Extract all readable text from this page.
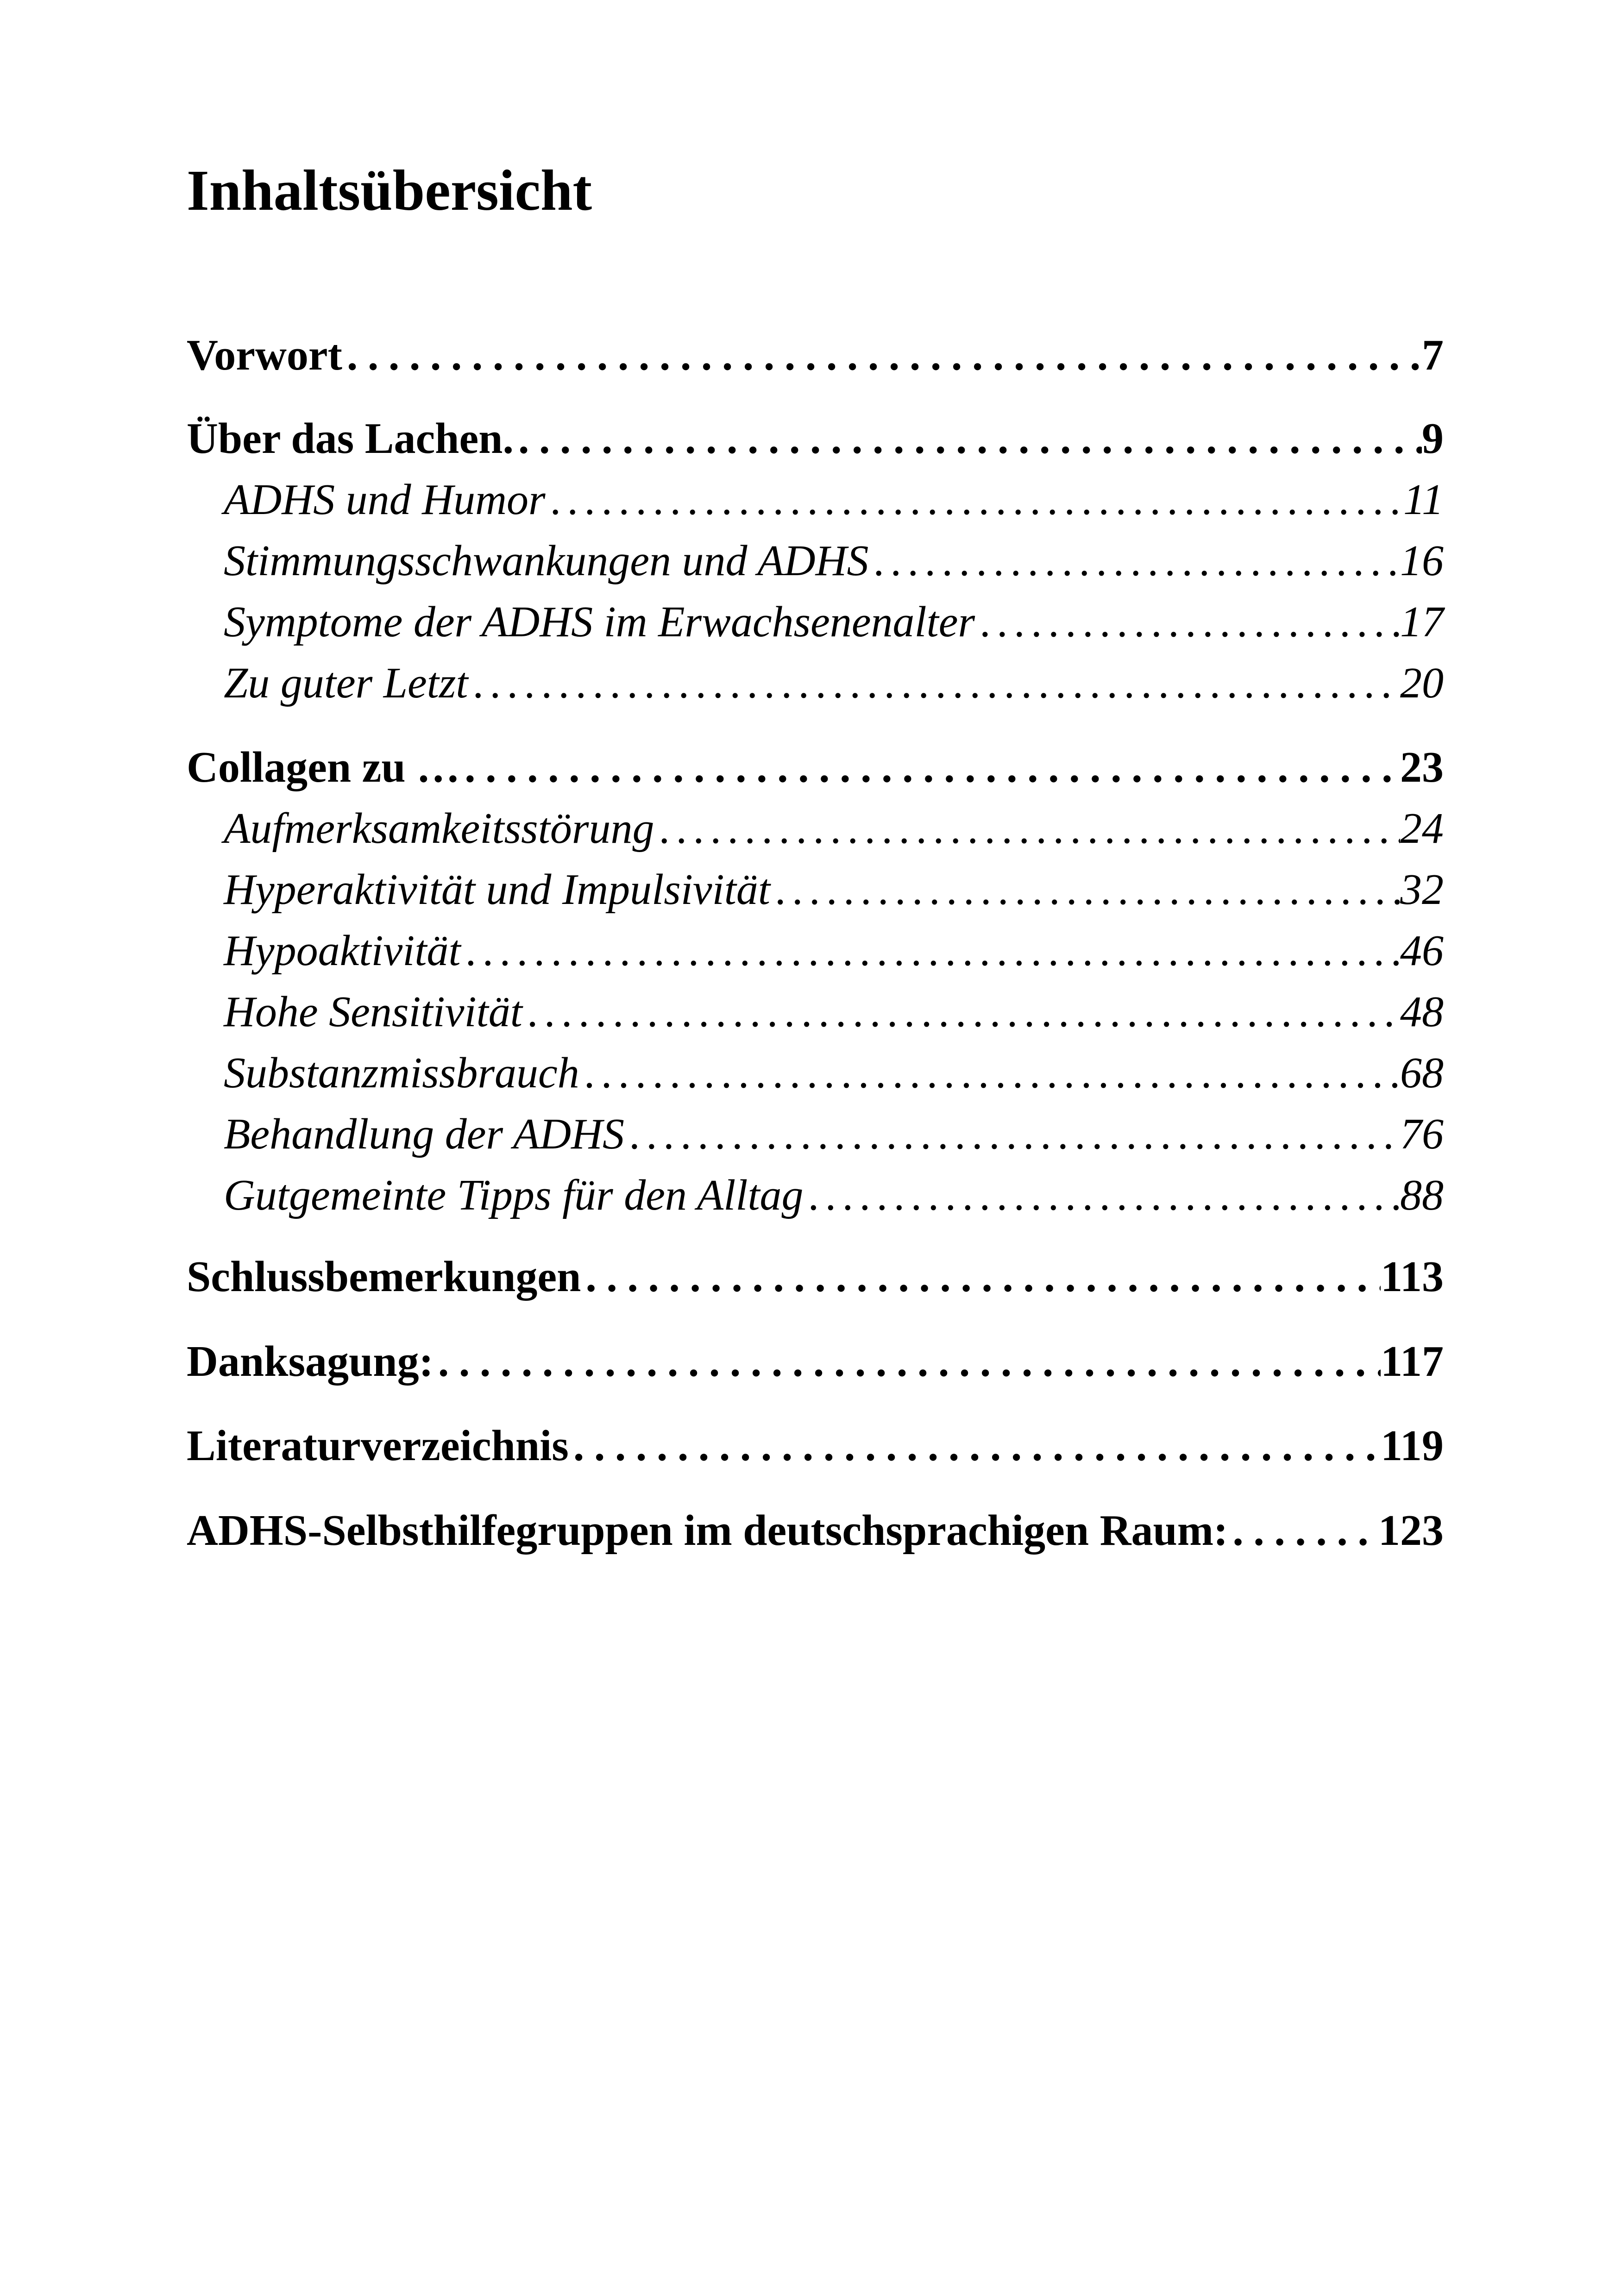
Inhaltsübersicht
Vorwort . . .	7
Über das Lachen. . . .	9
ADHS und Humor . . .	11
Stimmungsschwankungen und ADHS . . .	16
Symptome der ADHS im Erwachsenenalter . . .	17
Zu guter Letzt . . .	20
Collagen zu … . . .	23
Aufmerksamkeitsstörung . . .	24
Hyperaktivität und Impulsivität . . .	32
Hypoaktivität . . .	46
Hohe Sensitivität . . .	48
Substanzmissbrauch . . .	68
Behandlung der ADHS . . .	76
Gutgemeinte Tipps für den Alltag . . .	88
Schlussbemerkungen . . .	113
Danksagung: . . .	117
Literaturverzeichnis . . .	119
ADHS-Selbsthilfegruppen im deutschsprachigen Raum: . . .	123
